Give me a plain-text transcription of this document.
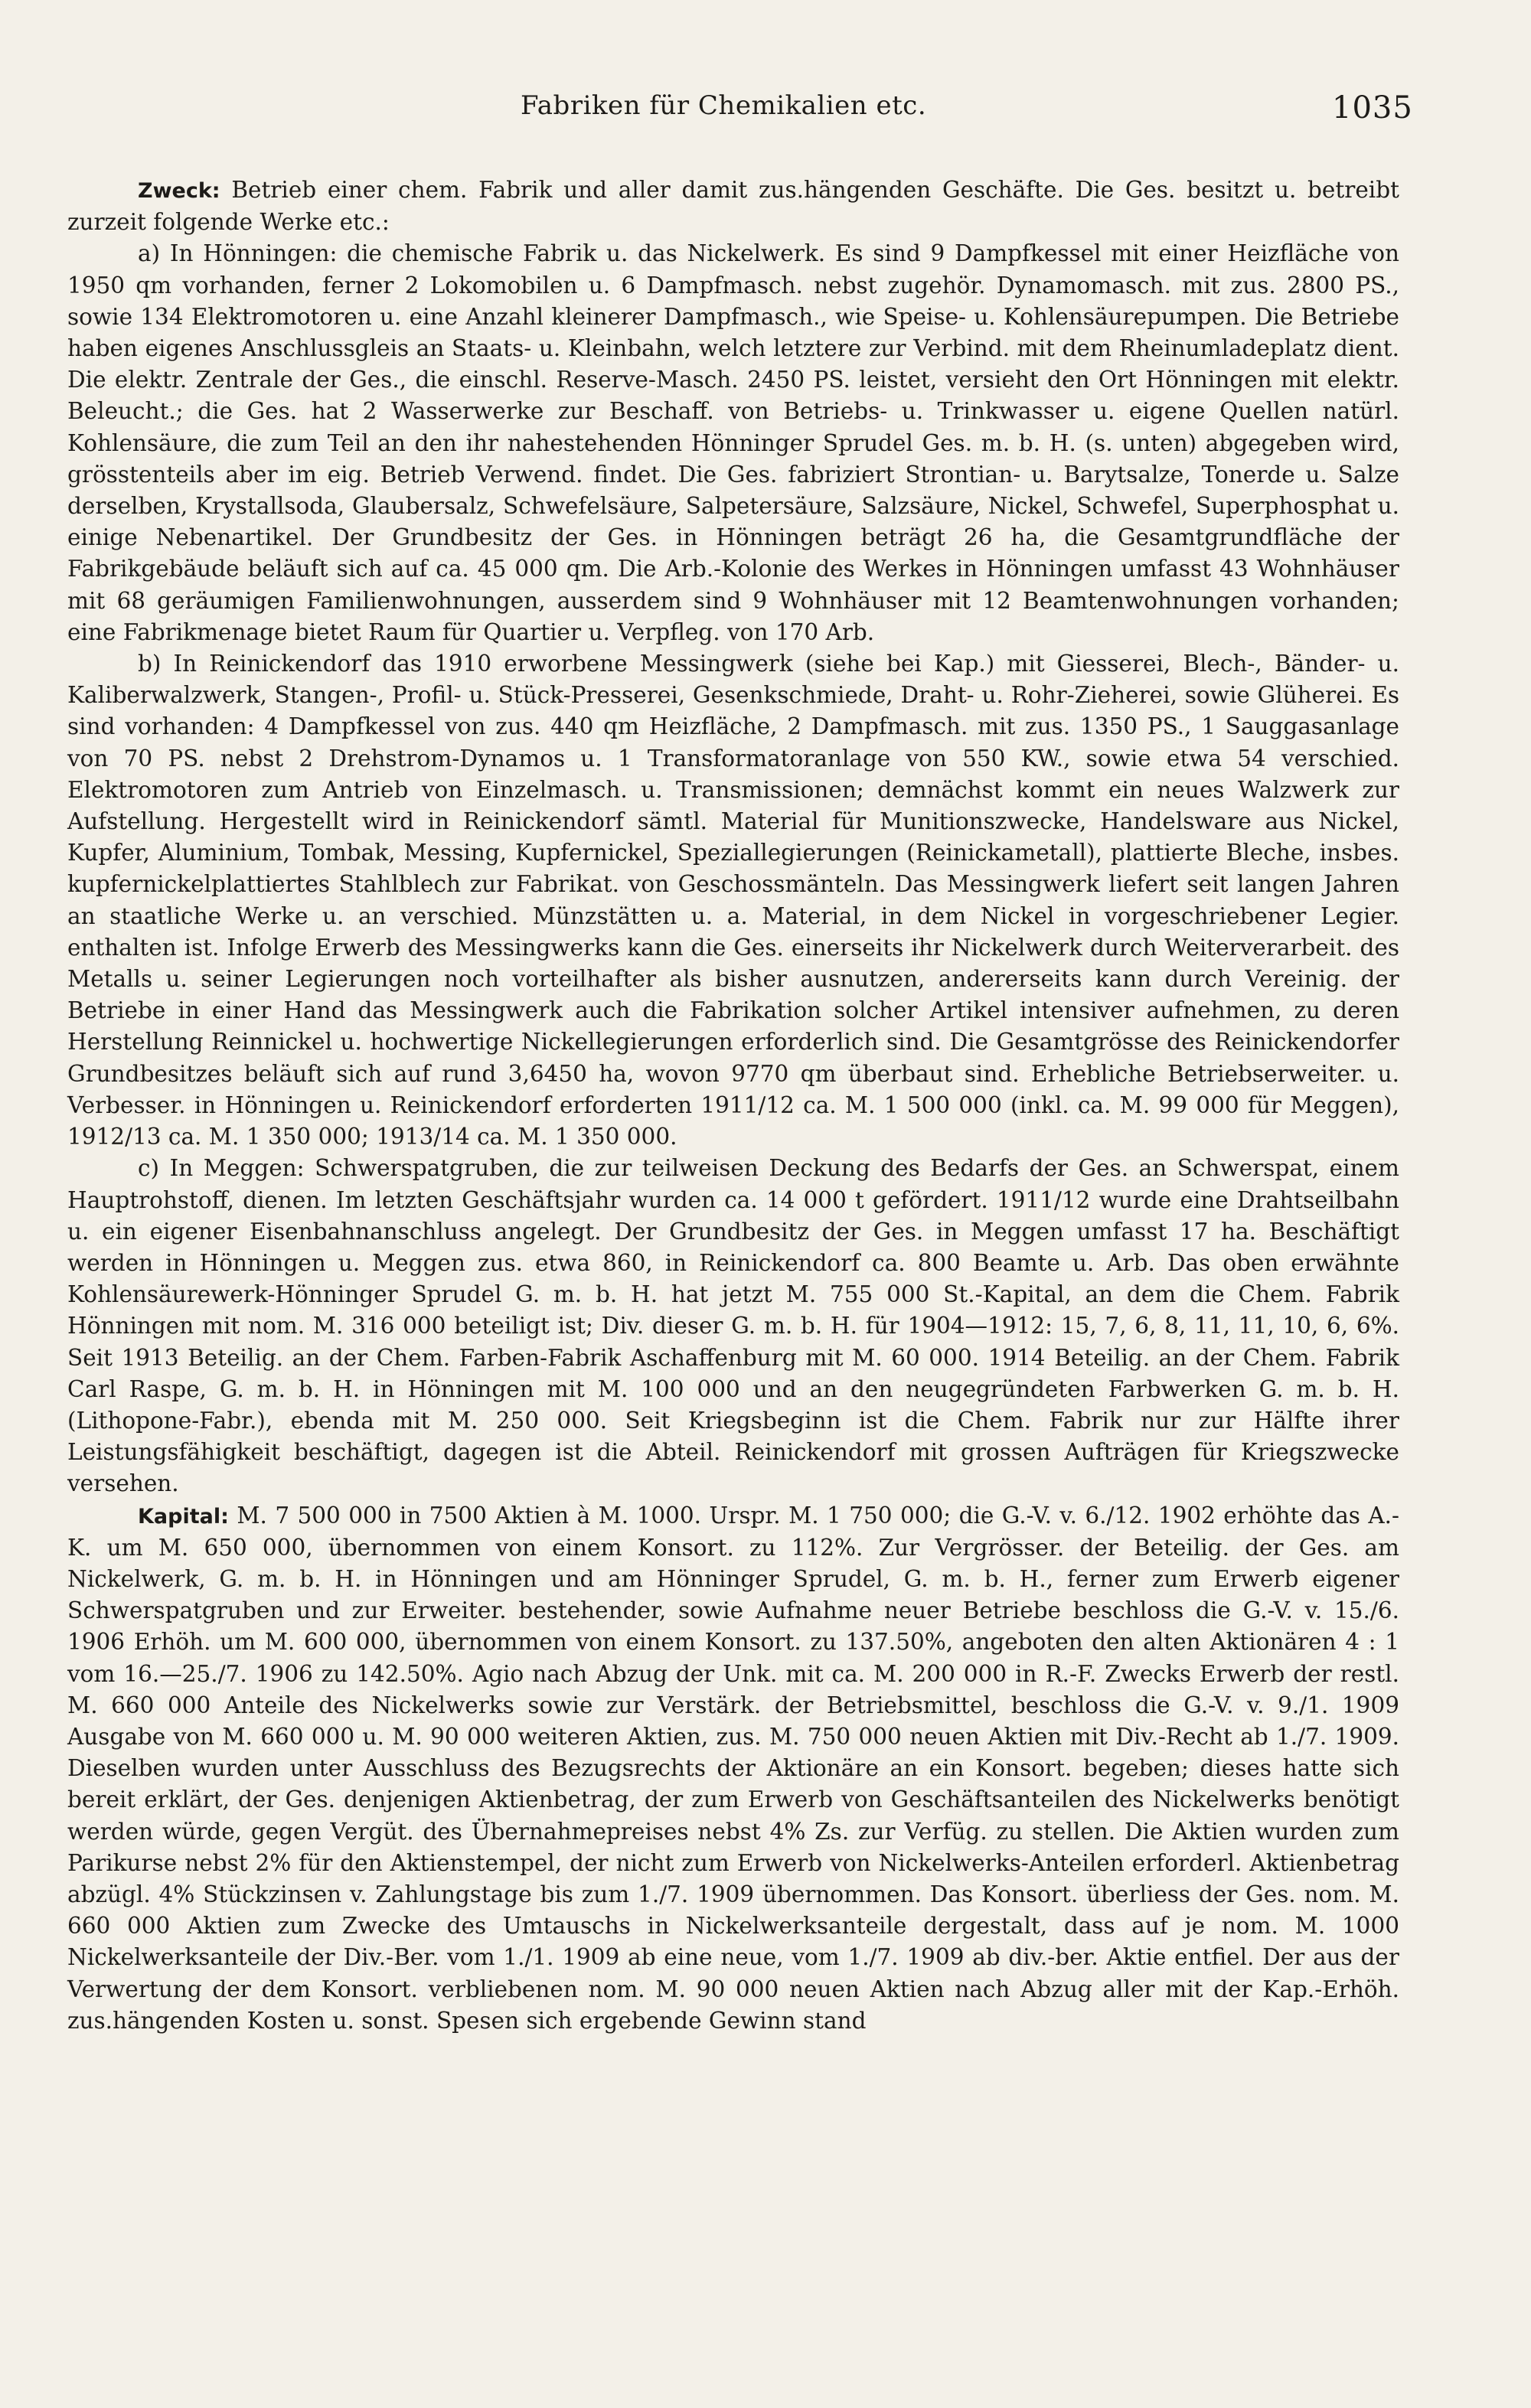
Fabriken für Chemikalien etc.	1035

Zweck: Betrieb einer chem. Fabrik und aller damit zus.hängenden Geschäfte. Die Ges. besitzt u. betreibt zurzeit folgende Werke etc.:

a) In Hönningen: die chemische Fabrik u. das Nickelwerk. Es sind 9 Dampfkessel mit einer Heizfläche von 1950 qm vorhanden, ferner 2 Lokomobilen u. 6 Dampfmasch. nebst zugehör. Dynamomasch. mit zus. 2800 PS., sowie 134 Elektromotoren u. eine Anzahl kleinerer Dampfmasch., wie Speise- u. Kohlensäurepumpen. Die Betriebe haben eigenes Anschlussgleis an Staats- u. Kleinbahn, welch letztere zur Verbind. mit dem Rheinumladeplatz dient. Die elektr. Zentrale der Ges., die einschl. Reserve-Masch. 2450 PS. leistet, versieht den Ort Hönningen mit elektr. Beleucht.; die Ges. hat 2 Wasserwerke zur Beschaff. von Betriebs- u. Trinkwasser u. eigene Quellen natürl. Kohlensäure, die zum Teil an den ihr nahestehenden Hönninger Sprudel Ges. m. b. H. (s. unten) abgegeben wird, grösstenteils aber im eig. Betrieb Verwend. findet. Die Ges. fabriziert Strontian- u. Barytsalze, Tonerde u. Salze derselben, Krystallsoda, Glaubersalz, Schwefelsäure, Salpetersäure, Salzsäure, Nickel, Schwefel, Superphosphat u. einige Nebenartikel. Der Grundbesitz der Ges. in Hönningen beträgt 26 ha, die Gesamtgrundfläche der Fabrikgebäude beläuft sich auf ca. 45 000 qm. Die Arb.-Kolonie des Werkes in Hönningen umfasst 43 Wohnhäuser mit 68 geräumigen Familienwohnungen, ausserdem sind 9 Wohnhäuser mit 12 Beamtenwohnungen vorhanden; eine Fabrikmenage bietet Raum für Quartier u. Verpfleg. von 170 Arb.

b) In Reinickendorf das 1910 erworbene Messingwerk (siehe bei Kap.) mit Giesserei, Blech-, Bänder- u. Kaliberwalzwerk, Stangen-, Profil- u. Stück-Presserei, Gesenkschmiede, Draht- u. Rohr-Zieherei, sowie Glüherei. Es sind vorhanden: 4 Dampfkessel von zus. 440 qm Heizfläche, 2 Dampfmasch. mit zus. 1350 PS., 1 Sauggasanlage von 70 PS. nebst 2 Drehstrom-Dynamos u. 1 Transformatoranlage von 550 KW., sowie etwa 54 verschied. Elektromotoren zum Antrieb von Einzelmasch. u. Transmissionen; demnächst kommt ein neues Walzwerk zur Aufstellung. Hergestellt wird in Reinickendorf sämtl. Material für Munitionszwecke, Handelsware aus Nickel, Kupfer, Aluminium, Tombak, Messing, Kupfernickel, Speziallegierungen (Reinickametall), plattierte Bleche, insbes. kupfernickelplattiertes Stahlblech zur Fabrikat. von Geschossmänteln. Das Messingwerk liefert seit langen Jahren an staatliche Werke u. an verschied. Münzstätten u. a. Material, in dem Nickel in vorgeschriebener Legier. enthalten ist. Infolge Erwerb des Messingwerks kann die Ges. einerseits ihr Nickelwerk durch Weiterverarbeit. des Metalls u. seiner Legierungen noch vorteilhafter als bisher ausnutzen, andererseits kann durch Vereinig. der Betriebe in einer Hand das Messingwerk auch die Fabrikation solcher Artikel intensiver aufnehmen, zu deren Herstellung Reinnickel u. hochwertige Nickellegierungen erforderlich sind. Die Gesamtgrösse des Reinickendorfer Grundbesitzes beläuft sich auf rund 3,6450 ha, wovon 9770 qm überbaut sind. Erhebliche Betriebserweiter. u. Verbesser. in Hönningen u. Reinickendorf erforderten 1911/12 ca. M. 1 500 000 (inkl. ca. M. 99 000 für Meggen), 1912/13 ca. M. 1 350 000; 1913/14 ca. M. 1 350 000.

c) In Meggen: Schwerspatgruben, die zur teilweisen Deckung des Bedarfs der Ges. an Schwerspat, einem Hauptrohstoff, dienen. Im letzten Geschäftsjahr wurden ca. 14 000 t gefördert. 1911/12 wurde eine Drahtseilbahn u. ein eigener Eisenbahnanschluss angelegt. Der Grundbesitz der Ges. in Meggen umfasst 17 ha. Beschäftigt werden in Hönningen u. Meggen zus. etwa 860, in Reinickendorf ca. 800 Beamte u. Arb. Das oben erwähnte Kohlensäurewerk-Hönninger Sprudel G. m. b. H. hat jetzt M. 755 000 St.-Kapital, an dem die Chem. Fabrik Hönningen mit nom. M. 316 000 beteiligt ist; Div. dieser G. m. b. H. für 1904—1912: 15, 7, 6, 8, 11, 11, 10, 6, 6%. Seit 1913 Beteilig. an der Chem. Farben-Fabrik Aschaffenburg mit M. 60 000. 1914 Beteilig. an der Chem. Fabrik Carl Raspe, G. m. b. H. in Hönningen mit M. 100 000 und an den neugegründeten Farbwerken G. m. b. H. (Lithopone-Fabr.), ebenda mit M. 250 000. Seit Kriegsbeginn ist die Chem. Fabrik nur zur Hälfte ihrer Leistungsfähigkeit beschäftigt, dagegen ist die Abteil. Reinickendorf mit grossen Aufträgen für Kriegszwecke versehen.

Kapital: M. 7 500 000 in 7500 Aktien à M. 1000. Urspr. M. 1 750 000; die G.-V. v. 6./12. 1902 erhöhte das A.-K. um M. 650 000, übernommen von einem Konsort. zu 112%. Zur Vergrösser. der Beteilig. der Ges. am Nickelwerk, G. m. b. H. in Hönningen und am Hönninger Sprudel, G. m. b. H., ferner zum Erwerb eigener Schwerspatgruben und zur Erweiter. bestehender, sowie Aufnahme neuer Betriebe beschloss die G.-V. v. 15./6. 1906 Erhöh. um M. 600 000, übernommen von einem Konsort. zu 137.50%, angeboten den alten Aktionären 4 : 1 vom 16.—25./7. 1906 zu 142.50%. Agio nach Abzug der Unk. mit ca. M. 200 000 in R.-F. Zwecks Erwerb der restl. M. 660 000 Anteile des Nickelwerks sowie zur Verstärk. der Betriebsmittel, beschloss die G.-V. v. 9./1. 1909 Ausgabe von M. 660 000 u. M. 90 000 weiteren Aktien, zus. M. 750 000 neuen Aktien mit Div.-Recht ab 1./7. 1909. Dieselben wurden unter Ausschluss des Bezugsrechts der Aktionäre an ein Konsort. begeben; dieses hatte sich bereit erklärt, der Ges. denjenigen Aktienbetrag, der zum Erwerb von Geschäftsanteilen des Nickelwerks benötigt werden würde, gegen Vergüt. des Übernahmepreises nebst 4% Zs. zur Verfüg. zu stellen. Die Aktien wurden zum Parikurse nebst 2% für den Aktienstempel, der nicht zum Erwerb von Nickelwerks-Anteilen erforderl. Aktienbetrag abzügl. 4% Stückzinsen v. Zahlungstage bis zum 1./7. 1909 übernommen. Das Konsort. überliess der Ges. nom. M. 660 000 Aktien zum Zwecke des Umtauschs in Nickelwerksanteile dergestalt, dass auf je nom. M. 1000 Nickelwerksanteile der Div.-Ber. vom 1./1. 1909 ab eine neue, vom 1./7. 1909 ab div.-ber. Aktie entfiel. Der aus der Verwertung der dem Konsort. verbliebenen nom. M. 90 000 neuen Aktien nach Abzug aller mit der Kap.-Erhöh. zus.hängenden Kosten u. sonst. Spesen sich ergebende Gewinn stand
